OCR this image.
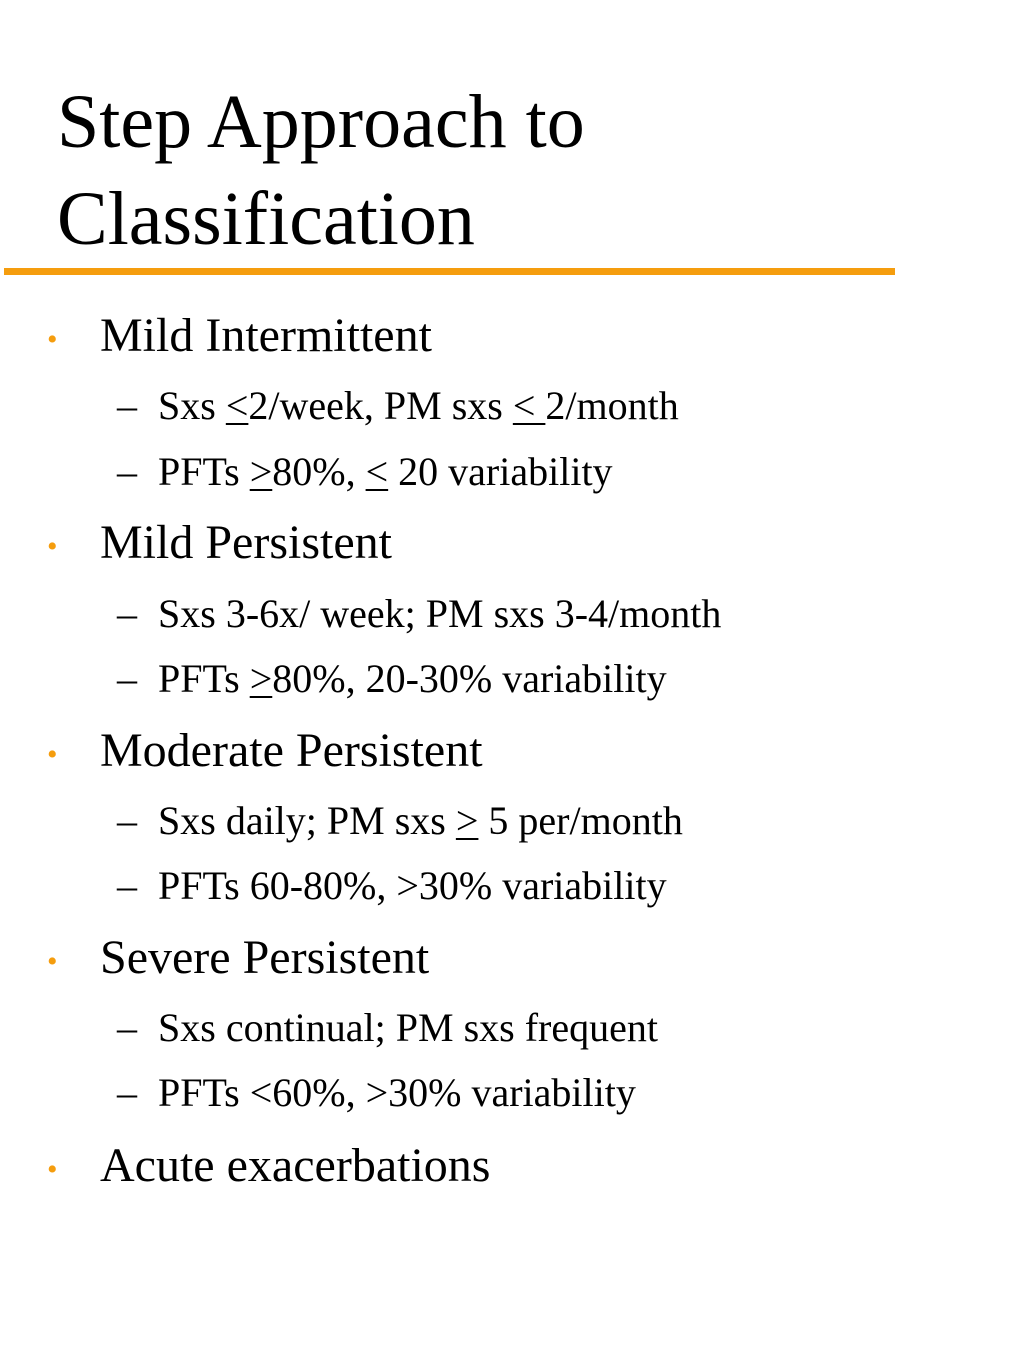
Step Approach to
Classification
• Mild Intermittent
– Sxs <2/week, PM sxs < 2/month
– PFTs >80%, < 20 variability
• Mild Persistent
– Sxs 3-6x/ week; PM sxs 3-4/month
– PFTs ≥80%, 20-30% variability
• Moderate Persistent
– Sxs daily; PM sxs ≥ 5 per/month
– PFTs 60-80%, >30% variability
• Severe Persistent
– Sxs continual; PM sxs frequent
– PFTs <60%, >30% variability
• Acute exacerbations
